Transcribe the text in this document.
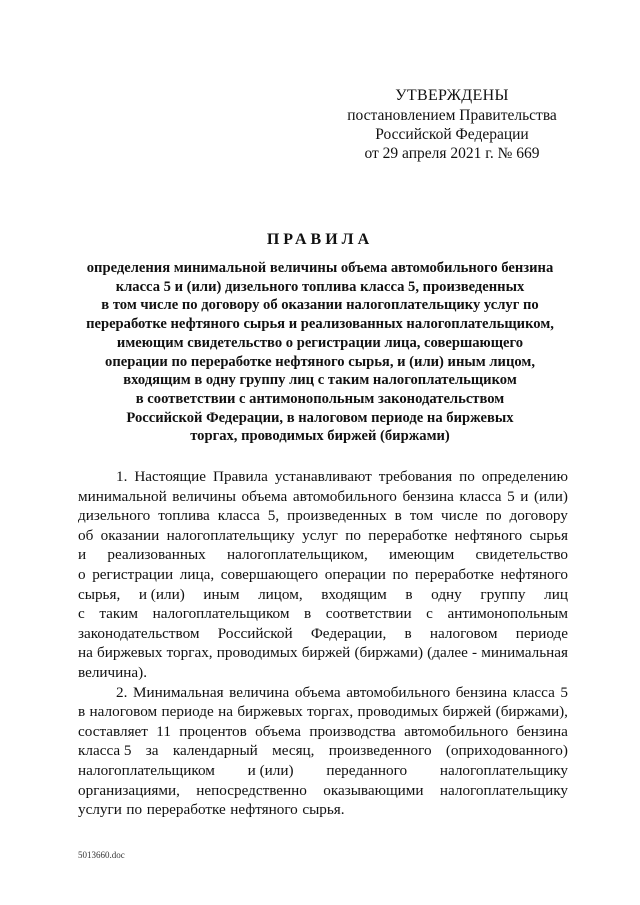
УТВЕРЖДЕНЫ
постановлением Правительства
Российской Федерации
от 29 апреля 2021 г. № 669
ПРАВИЛА
определения минимальной величины объема автомобильного бензина
класса 5 и (или) дизельного топлива класса 5, произведенных
в том числе по договору об оказании налогоплательщику услуг по
переработке нефтяного сырья и реализованных налогоплательщиком,
имеющим свидетельство о регистрации лица, совершающего
операции по переработке нефтяного сырья, и (или) иным лицом,
входящим в одну группу лиц с таким налогоплательщиком
в соответствии с антимонопольным законодательством
Российской Федерации, в налоговом периоде на биржевых
торгах, проводимых биржей (биржами)
1. Настоящие Правила устанавливают требования по определению
минимальной величины объема автомобильного бензина класса 5 и (или)
дизельного топлива класса 5, произведенных в том числе по договору
об оказании налогоплательщику услуг по переработке нефтяного сырья
и реализованных налогоплательщиком, имеющим свидетельство
о регистрации лица, совершающего операции по переработке нефтяного
сырья, и (или) иным лицом, входящим в одну группу лиц
с таким налогоплательщиком в соответствии с антимонопольным
законодательством Российской Федерации, в налоговом периоде
на биржевых торгах, проводимых биржей (биржами) (далее - минимальная
величина).
2. Минимальная величина объема автомобильного бензина класса 5
в налоговом периоде на биржевых торгах, проводимых биржей (биржами),
составляет 11 процентов объема производства автомобильного бензина
класса 5 за календарный месяц, произведенного (оприходованного)
налогоплательщиком и (или) переданного налогоплательщику
организациями, непосредственно оказывающими налогоплательщику
услуги по переработке нефтяного сырья.
5013660.doc
